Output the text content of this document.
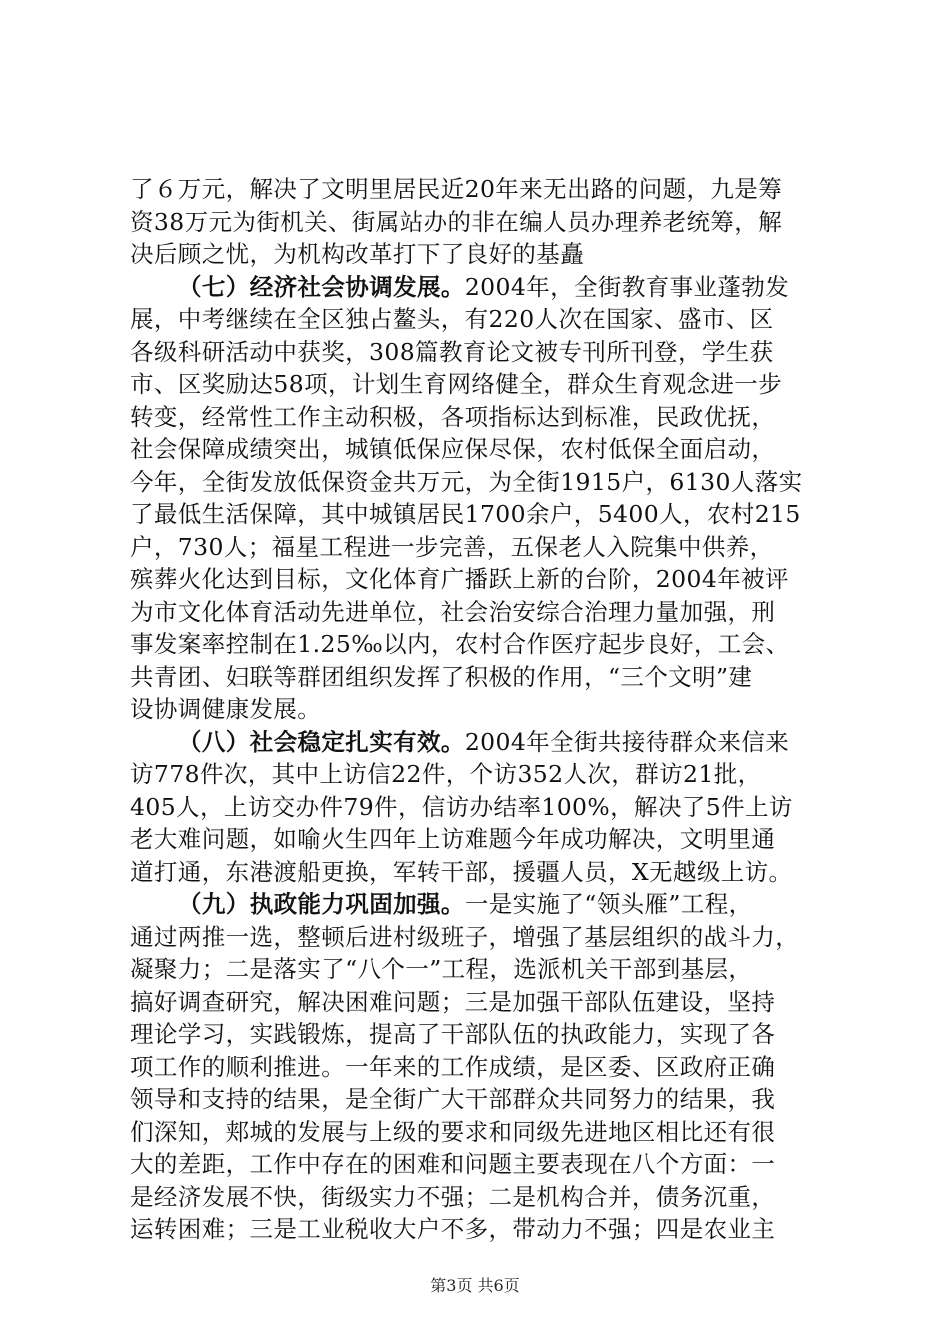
了６万元，解决了文明里居民近20年来无出路的问题，九是筹
资38万元为街机关、街属站办的非在编人员办理养老统筹，解
决后顾之忧，为机构改革打下了良好的基矗
（七）经济社会协调发展。2004年，全街教育事业蓬勃发
展，中考继续在全区独占鳌头，有220人次在国家、盛市、区
各级科研活动中获奖，308篇教育论文被专刊所刊登，学生获
市、区奖励达58项，计划生育网络健全，群众生育观念进一步
转变，经常性工作主动积极，各项指标达到标准，民政优抚，
社会保障成绩突出，城镇低保应保尽保，农村低保全面启动，
今年，全街发放低保资金共万元，为全街1915户，6130人落实
了最低生活保障，其中城镇居民1700余户，5400人，农村215
户，730人；福星工程进一步完善，五保老人入院集中供养，
殡葬火化达到目标，文化体育广播跃上新的台阶，2004年被评
为市文化体育活动先进单位，社会治安综合治理力量加强，刑
事发案率控制在1.25‰以内，农村合作医疗起步良好，工会、
共青团、妇联等群团组织发挥了积极的作用，“三个文明”建
设协调健康发展。
（八）社会稳定扎实有效。2004年全街共接待群众来信来
访778件次，其中上访信22件，个访352人次，群访21批，
405人，上访交办件79件，信访办结率100%，解决了5件上访
老大难问题，如喻火生四年上访难题今年成功解决，文明里通
道打通，东港渡船更换，军转干部，援疆人员，X无越级上访。
（九）执政能力巩固加强。一是实施了“领头雁”工程，
通过两推一选，整顿后进村级班子，增强了基层组织的战斗力，
凝聚力；二是落实了“八个一”工程，选派机关干部到基层，
搞好调查研究，解决困难问题；三是加强干部队伍建设，坚持
理论学习，实践锻炼，提高了干部队伍的执政能力，实现了各
项工作的顺利推进。一年来的工作成绩，是区委、区政府正确
领导和支持的结果，是全街广大干部群众共同努力的结果，我
们深知，郏城的发展与上级的要求和同级先进地区相比还有很
大的差距，工作中存在的困难和问题主要表现在八个方面：一
是经济发展不快，街级实力不强；二是机构合并，债务沉重，
运转困难；三是工业税收大户不多，带动力不强；四是农业主
第3页 共6页
